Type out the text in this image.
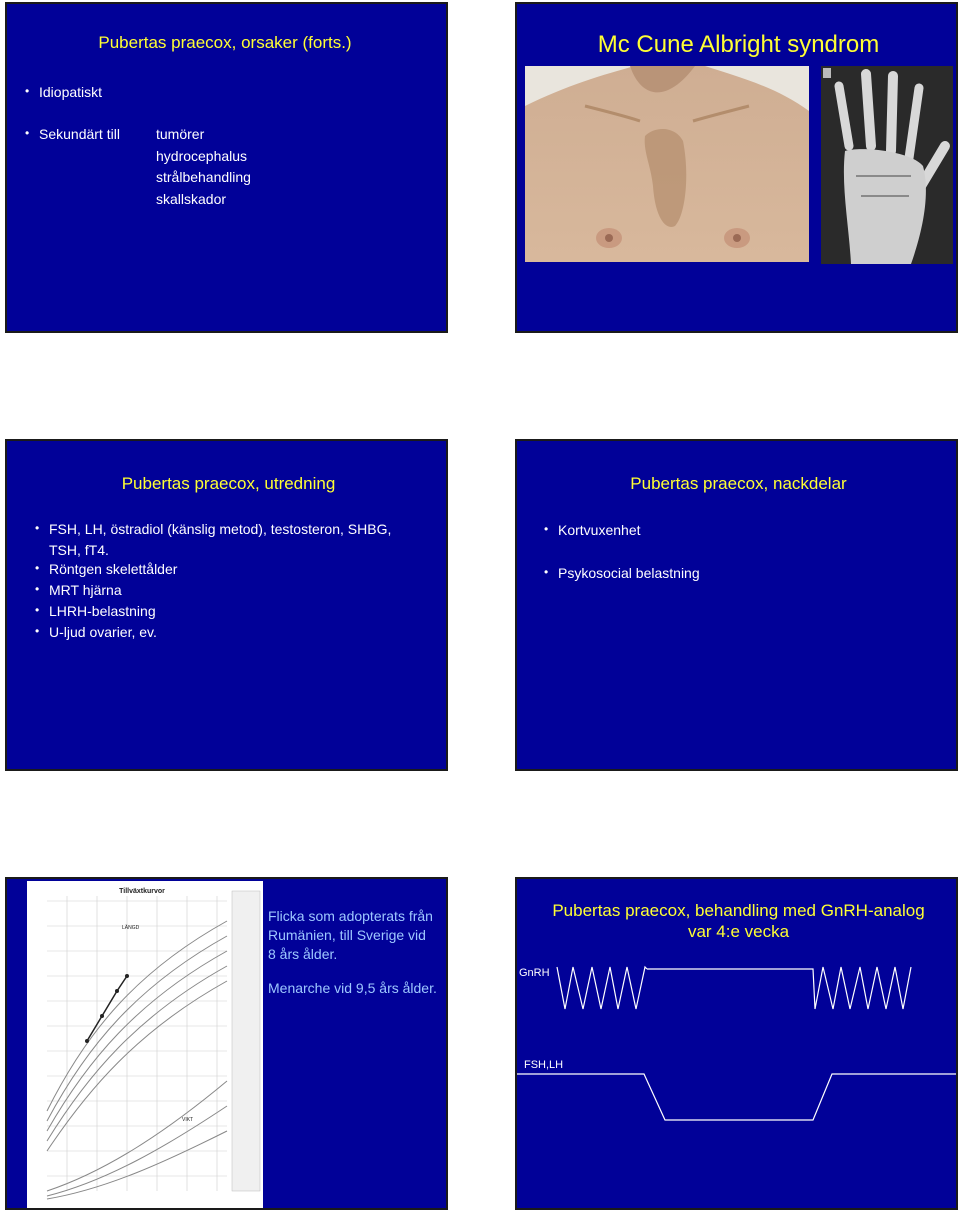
Pubertas praecox, orsaker (forts.)
• Idiopatiskt
• Sekundärt till	tumörer
hydrocephalus
strålbehandling
skallskador
Mc Cune Albright syndrom
Pubertas praecox, utredning
• FSH, LH, östradiol (känslig metod), testosteron, SHBG,
TSH, fT4.
• Röntgen skelettålder
• MRT hjärna
• LHRH-belastning
• U-ljud ovarier, ev.
Pubertas praecox, nackdelar
• Kortvuxenhet
• Psykosocial belastning
Tillväxtkurvor
LÄNGD
VIKT
Flicka som adopterats från
Rumänien, till Sverige vid
8 års ålder.
Menarche vid 9,5 års ålder.
Pubertas praecox, behandling med GnRH-analog
var 4:e vecka
GnRH
FSH,LH
